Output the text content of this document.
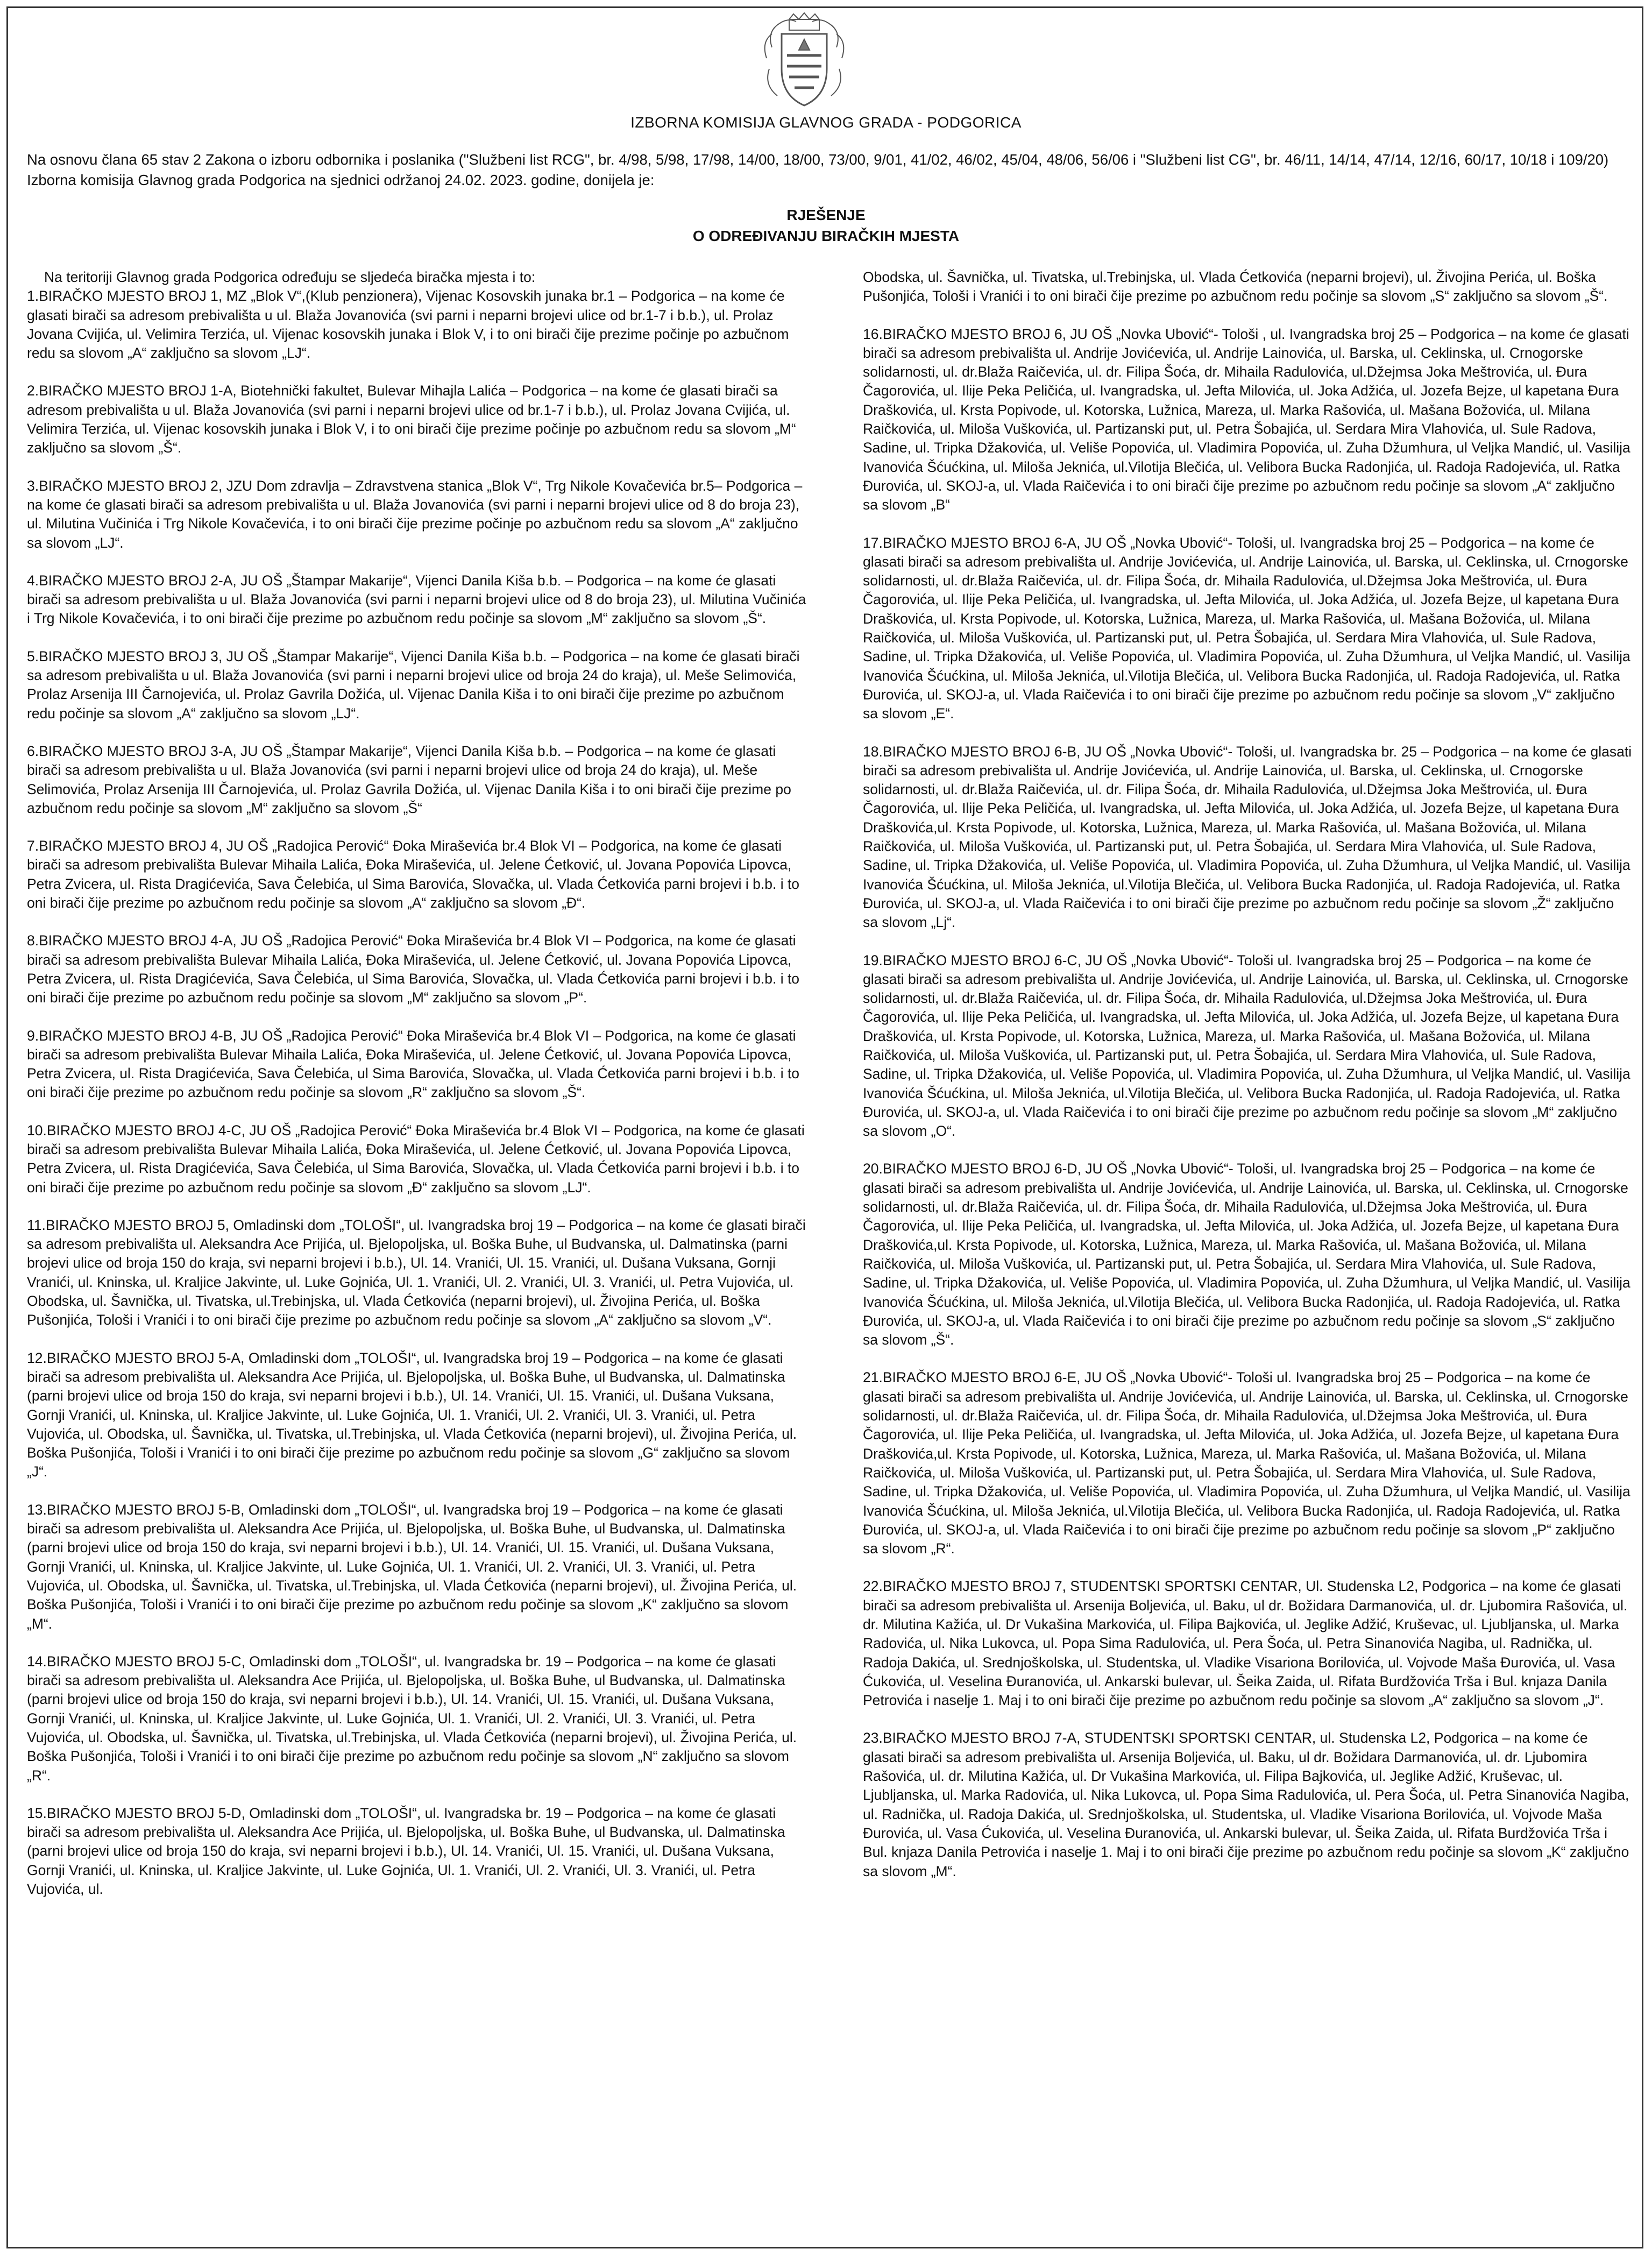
IZBORNA KOMISIJA GLAVNOG GRADA - PODGORICA
Na osnovu člana 65 stav 2 Zakona o izboru odbornika i poslanika ("Službeni list RCG", br. 4/98, 5/98, 17/98, 14/00, 18/00, 73/00, 9/01, 41/02, 46/02, 45/04, 48/06, 56/06 i "Službeni list CG", br. 46/11, 14/14, 47/14, 12/16, 60/17, 10/18 i 109/20) Izborna komisija Glavnog grada Podgorica na sjednici održanoj 24.02. 2023. godine, donijela je:
RJEŠENJE
O ODREĐIVANJU BIRAČKIH MJESTA

Na teritoriji Glavnog grada Podgorica određuju se sljedeća biračka mjesta i to:

1.BIRAČKO MJESTO BROJ 1, MZ „Blok V“,(Klub penzionera), Vijenac Kosovskih junaka br.1 – Podgorica – na kome će glasati birači sa adresom prebivališta u ul. Blaža Jovanovića (svi parni i neparni brojevi ulice od br.1-7 i b.b.), ul. Prolaz Jovana Cvijića, ul. Velimira Terzića, ul. Vijenac kosovskih junaka i Blok V, i to oni birači čije prezime počinje po azbučnom redu sa slovom „A“ zaključno sa slovom „LJ“.

2.BIRAČKO MJESTO BROJ 1-A, Biotehnički fakultet, Bulevar Mihajla Lalića – Podgorica – na kome će glasati birači sa adresom prebivališta u ul. Blaža Jovanovića (svi parni i neparni brojevi ulice od br.1-7 i b.b.), ul. Prolaz Jovana Cvijića, ul. Velimira Terzića, ul. Vijenac kosovskih junaka i Blok V, i to oni birači čije prezime počinje po azbučnom redu sa slovom „M“ zaključno sa slovom „Š“.

3.BIRAČKO MJESTO BROJ 2, JZU Dom zdravlja – Zdravstvena stanica „Blok V“, Trg Nikole Kovačevića br.5– Podgorica – na kome će glasati birači sa adresom prebivališta u ul. Blaža Jovanovića (svi parni i neparni brojevi ulice od 8 do broja 23), ul. Milutina Vučinića i Trg Nikole Kovačevića, i to oni birači čije prezime počinje po azbučnom redu sa slovom „A“ zaključno sa slovom „LJ“.

4.BIRAČKO MJESTO BROJ 2-A, JU OŠ „Štampar Makarije“, Vijenci Danila Kiša b.b. – Podgorica – na kome će glasati birači sa adresom prebivališta u ul. Blaža Jovanovića (svi parni i neparni brojevi ulice od 8 do broja 23), ul. Milutina Vučinića i Trg Nikole Kovačevića, i to oni birači čije prezime po azbučnom redu počinje sa slovom „M“ zaključno sa slovom „Š“.

5.BIRAČKO MJESTO BROJ 3, JU OŠ „Štampar Makarije“, Vijenci Danila Kiša b.b. – Podgorica – na kome će glasati birači sa adresom prebivališta u ul. Blaža Jovanovića (svi parni i neparni brojevi ulice od broja 24 do kraja), ul. Meše Selimovića, Prolaz Arsenija III Čarnojevića, ul. Prolaz Gavrila Dožića, ul. Vijenac Danila Kiša i to oni birači čije prezime po azbučnom redu počinje sa slovom „A“ zaključno sa slovom „LJ“.

6.BIRAČKO MJESTO BROJ 3-A, JU OŠ „Štampar Makarije“, Vijenci Danila Kiša b.b. – Podgorica – na kome će glasati birači sa adresom prebivališta u ul. Blaža Jovanovića (svi parni i neparni brojevi ulice od broja 24 do kraja), ul. Meše Selimovića, Prolaz Arsenija III Čarnojevića, ul. Prolaz Gavrila Dožića, ul. Vijenac Danila Kiša i to oni birači čije prezime po azbučnom redu počinje sa slovom „M“ zaključno sa slovom „Š“

7.BIRAČKO MJESTO BROJ 4, JU OŠ „Radojica Perović“ Đoka Miraševića br.4 Blok VI – Podgorica, na kome će glasati birači sa adresom prebivališta Bulevar Mihaila Lalića, Đoka Miraševića, ul. Jelene Ćetković, ul. Jovana Popovića Lipovca, Petra Zvicera, ul. Rista Dragićevića, Sava Čelebića, ul Sima Barovića, Slovačka, ul. Vlada Ćetkovića parni brojevi i b.b. i to oni birači čije prezime po azbučnom redu počinje sa slovom „A“ zaključno sa slovom „Đ“.

8.BIRAČKO MJESTO BROJ 4-A, JU OŠ „Radojica Perović“ Đoka Miraševića br.4 Blok VI – Podgorica, na kome će glasati birači sa adresom prebivališta Bulevar Mihaila Lalića, Đoka Miraševića, ul. Jelene Ćetković, ul. Jovana Popovića Lipovca, Petra Zvicera, ul. Rista Dragićevića, Sava Čelebića, ul Sima Barovića, Slovačka, ul. Vlada Ćetkovića parni brojevi i b.b. i to oni birači čije prezime po azbučnom redu počinje sa slovom „M“ zaključno sa slovom „P“.

9.BIRAČKO MJESTO BROJ 4-B, JU OŠ „Radojica Perović“ Đoka Miraševića br.4 Blok VI – Podgorica, na kome će glasati birači sa adresom prebivališta Bulevar Mihaila Lalića, Đoka Miraševića, ul. Jelene Ćetković, ul. Jovana Popovića Lipovca, Petra Zvicera, ul. Rista Dragićevića, Sava Čelebića, ul Sima Barovića, Slovačka, ul. Vlada Ćetkovića parni brojevi i b.b. i to oni birači čije prezime po azbučnom redu počinje sa slovom „R“ zaključno sa slovom „Š“.

10.BIRAČKO MJESTO BROJ 4-C, JU OŠ „Radojica Perović“ Đoka Miraševića br.4 Blok VI – Podgorica, na kome će glasati birači sa adresom prebivališta Bulevar Mihaila Lalića, Đoka Miraševića, ul. Jelene Ćetković, ul. Jovana Popovića Lipovca, Petra Zvicera, ul. Rista Dragićevića, Sava Čelebića, ul Sima Barovića, Slovačka, ul. Vlada Ćetkovića parni brojevi i b.b. i to oni birači čije prezime po azbučnom redu počinje sa slovom „Đ“ zaključno sa slovom „LJ“.

11.BIRAČKO MJESTO BROJ 5, Omladinski dom „TOLOŠI“, ul. Ivangradska broj 19 – Podgorica – na kome će glasati birači sa adresom prebivališta ul. Aleksandra Ace Prijića, ul. Bjelopoljska, ul. Boška Buhe, ul Budvanska, ul. Dalmatinska (parni brojevi ulice od broja 150 do kraja, svi neparni brojevi i b.b.), Ul. 14. Vranići, Ul. 15. Vranići, ul. Dušana Vuksana, Gornji Vranići, ul. Kninska, ul. Kraljice Jakvinte, ul. Luke Gojnića, Ul. 1. Vranići, Ul. 2. Vranići, Ul. 3. Vranići, ul. Petra Vujovića, ul. Obodska, ul. Šavnička, ul. Tivatska, ul.Trebinjska, ul. Vlada Ćetkovića (neparni brojevi), ul. Živojina Perića, ul. Boška Pušonjića, Tološi i Vranići i to oni birači čije prezime po azbučnom redu počinje sa slovom „A“ zaključno sa slovom „V“.

12.BIRAČKO MJESTO BROJ 5-A, Omladinski dom „TOLOŠI“, ul. Ivangradska broj 19 – Podgorica – na kome će glasati birači sa adresom prebivališta ul. Aleksandra Ace Prijića, ul. Bjelopoljska, ul. Boška Buhe, ul Budvanska, ul. Dalmatinska (parni brojevi ulice od broja 150 do kraja, svi neparni brojevi i b.b.), Ul. 14. Vranići, Ul. 15. Vranići, ul. Dušana Vuksana, Gornji Vranići, ul. Kninska, ul. Kraljice Jakvinte, ul. Luke Gojnića, Ul. 1. Vranići, Ul. 2. Vranići, Ul. 3. Vranići, ul. Petra Vujovića, ul. Obodska, ul. Šavnička, ul. Tivatska, ul.Trebinjska, ul. Vlada Ćetkovića (neparni brojevi), ul. Živojina Perića, ul. Boška Pušonjića, Tološi i Vranići i to oni birači čije prezime po azbučnom redu počinje sa slovom „G“ zaključno sa slovom „J“.

13.BIRAČKO MJESTO BROJ 5-B, Omladinski dom „TOLOŠI“, ul. Ivangradska broj 19 – Podgorica – na kome će glasati birači sa adresom prebivališta ul. Aleksandra Ace Prijića, ul. Bjelopoljska, ul. Boška Buhe, ul Budvanska, ul. Dalmatinska (parni brojevi ulice od broja 150 do kraja, svi neparni brojevi i b.b.), Ul. 14. Vranići, Ul. 15. Vranići, ul. Dušana Vuksana, Gornji Vranići, ul. Kninska, ul. Kraljice Jakvinte, ul. Luke Gojnića, Ul. 1. Vranići, Ul. 2. Vranići, Ul. 3. Vranići, ul. Petra Vujovića, ul. Obodska, ul. Šavnička, ul. Tivatska, ul.Trebinjska, ul. Vlada Ćetkovića (neparni brojevi), ul. Živojina Perića, ul. Boška Pušonjića, Tološi i Vranići i to oni birači čije prezime po azbučnom redu počinje sa slovom „K“ zaključno sa slovom „M“.

14.BIRAČKO MJESTO BROJ 5-C, Omladinski dom „TOLOŠI“, ul. Ivangradska br. 19 – Podgorica – na kome će glasati birači sa adresom prebivališta ul. Aleksandra Ace Prijića, ul. Bjelopoljska, ul. Boška Buhe, ul Budvanska, ul. Dalmatinska (parni brojevi ulice od broja 150 do kraja, svi neparni brojevi i b.b.), Ul. 14. Vranići, Ul. 15. Vranići, ul. Dušana Vuksana, Gornji Vranići, ul. Kninska, ul. Kraljice Jakvinte, ul. Luke Gojnića, Ul. 1. Vranići, Ul. 2. Vranići, Ul. 3. Vranići, ul. Petra Vujovića, ul. Obodska, ul. Šavnička, ul. Tivatska, ul.Trebinjska, ul. Vlada Ćetkovića (neparni brojevi), ul. Živojina Perića, ul. Boška Pušonjića, Tološi i Vranići i to oni birači čije prezime po azbučnom redu počinje sa slovom „N“ zaključno sa slovom „R“.

15.BIRAČKO MJESTO BROJ 5-D, Omladinski dom „TOLOŠI“, ul. Ivangradska br. 19 – Podgorica – na kome će glasati birači sa adresom prebivališta ul. Aleksandra Ace Prijića, ul. Bjelopoljska, ul. Boška Buhe, ul Budvanska, ul. Dalmatinska (parni brojevi ulice od broja 150 do kraja, svi neparni brojevi i b.b.), Ul. 14. Vranići, Ul. 15. Vranići, ul. Dušana Vuksana, Gornji Vranići, ul. Kninska, ul. Kraljice Jakvinte, ul. Luke Gojnića, Ul. 1. Vranići, Ul. 2. Vranići, Ul. 3. Vranići, ul. Petra Vujovića, ul.

Obodska, ul. Šavnička, ul. Tivatska, ul.Trebinjska, ul. Vlada Ćetkovića (neparni brojevi), ul. Živojina Perića, ul. Boška Pušonjića, Tološi i Vranići i to oni birači čije prezime po azbučnom redu počinje sa slovom „S“ zaključno sa slovom „Š“.

16.BIRAČKO MJESTO BROJ 6, JU OŠ „Novka Ubović“- Tološi , ul. Ivangradska broj 25 – Podgorica – na kome će glasati birači sa adresom prebivališta ul. Andrije Jovićevića, ul. Andrije Lainovića, ul. Barska, ul. Ceklinska, ul. Crnogorske solidarnosti, ul. dr.Blaža Raičevića, ul. dr. Filipa Šoća, dr. Mihaila Radulovića, ul.Džejmsa Joka Meštrovića, ul. Đura Čagorovića, ul. Ilije Peka Peličića, ul. Ivangradska, ul. Jefta Milovića, ul. Joka Adžića, ul. Jozefa Bejze, ul kapetana Đura Draškovića, ul. Krsta Popivode, ul. Kotorska, Lužnica, Mareza, ul. Marka Rašovića, ul. Mašana Božovića, ul. Milana Raičkovića, ul. Miloša Vuškovića, ul. Partizanski put, ul. Petra Šobajića, ul. Serdara Mira Vlahovića, ul. Sule Radova, Sadine, ul. Tripka Džakovića, ul. Veliše Popovića, ul. Vladimira Popovića, ul. Zuha Džumhura, ul Veljka Mandić, ul. Vasilija Ivanovića Šćućkina, ul. Miloša Jeknića, ul.Vilotija Blečića, ul. Velibora Bucka Radonjića, ul. Radoja Radojevića, ul. Ratka Đurovića, ul. SKOJ-a, ul. Vlada Raičevića i to oni birači čije prezime po azbučnom redu počinje sa slovom „A“ zaključno sa slovom „B“

17.BIRAČKO MJESTO BROJ 6-A, JU OŠ „Novka Ubović“- Tološi, ul. Ivangradska broj 25 – Podgorica – na kome će glasati birači sa adresom prebivališta ul. Andrije Jovićevića, ul. Andrije Lainovića, ul. Barska, ul. Ceklinska, ul. Crnogorske solidarnosti, ul. dr.Blaža Raičevića, ul. dr. Filipa Šoća, dr. Mihaila Radulovića, ul.Džejmsa Joka Meštrovića, ul. Đura Čagorovića, ul. Ilije Peka Peličića, ul. Ivangradska, ul. Jefta Milovića, ul. Joka Adžića, ul. Jozefa Bejze, ul kapetana Đura Draškovića, ul. Krsta Popivode, ul. Kotorska, Lužnica, Mareza, ul. Marka Rašovića, ul. Mašana Božovića, ul. Milana Raičkovića, ul. Miloša Vuškovića, ul. Partizanski put, ul. Petra Šobajića, ul. Serdara Mira Vlahovića, ul. Sule Radova, Sadine, ul. Tripka Džakovića, ul. Veliše Popovića, ul. Vladimira Popovića, ul. Zuha Džumhura, ul Veljka Mandić, ul. Vasilija Ivanovića Šćućkina, ul. Miloša Jeknića, ul.Vilotija Blečića, ul. Velibora Bucka Radonjića, ul. Radoja Radojevića, ul. Ratka Đurovića, ul. SKOJ-a, ul. Vlada Raičevića i to oni birači čije prezime po azbučnom redu počinje sa slovom „V“ zaključno sa slovom „E“.

18.BIRAČKO MJESTO BROJ 6-B, JU OŠ „Novka Ubović“- Tološi, ul. Ivangradska br. 25 – Podgorica – na kome će glasati birači sa adresom prebivališta ul. Andrije Jovićevića, ul. Andrije Lainovića, ul. Barska, ul. Ceklinska, ul. Crnogorske solidarnosti, ul. dr.Blaža Raičevića, ul. dr. Filipa Šoća, dr. Mihaila Radulovića, ul.Džejmsa Joka Meštrovića, ul. Đura Čagorovića, ul. Ilije Peka Peličića, ul. Ivangradska, ul. Jefta Milovića, ul. Joka Adžića, ul. Jozefa Bejze, ul kapetana Đura Draškovića,ul. Krsta Popivode, ul. Kotorska, Lužnica, Mareza, ul. Marka Rašovića, ul. Mašana Božovića, ul. Milana Raičkovića, ul. Miloša Vuškovića, ul. Partizanski put, ul. Petra Šobajića, ul. Serdara Mira Vlahovića, ul. Sule Radova, Sadine, ul. Tripka Džakovića, ul. Veliše Popovića, ul. Vladimira Popovića, ul. Zuha Džumhura, ul Veljka Mandić, ul. Vasilija Ivanovića Šćućkina, ul. Miloša Jeknića, ul.Vilotija Blečića, ul. Velibora Bucka Radonjića, ul. Radoja Radojevića, ul. Ratka Đurovića, ul. SKOJ-a, ul. Vlada Raičevića i to oni birači čije prezime po azbučnom redu počinje sa slovom „Ž“ zaključno sa slovom „Lj“.

19.BIRAČKO MJESTO BROJ 6-C, JU OŠ „Novka Ubović“- Tološi ul. Ivangradska broj 25 – Podgorica – na kome će glasati birači sa adresom prebivališta ul. Andrije Jovićevića, ul. Andrije Lainovića, ul. Barska, ul. Ceklinska, ul. Crnogorske solidarnosti, ul. dr.Blaža Raičevića, ul. dr. Filipa Šoća, dr. Mihaila Radulovića, ul.Džejmsa Joka Meštrovića, ul. Đura Čagorovića, ul. Ilije Peka Peličića, ul. Ivangradska, ul. Jefta Milovića, ul. Joka Adžića, ul. Jozefa Bejze, ul kapetana Đura Draškovića, ul. Krsta Popivode, ul. Kotorska, Lužnica, Mareza, ul. Marka Rašovića, ul. Mašana Božovića, ul. Milana Raičkovića, ul. Miloša Vuškovića, ul. Partizanski put, ul. Petra Šobajića, ul. Serdara Mira Vlahovića, ul. Sule Radova, Sadine, ul. Tripka Džakovića, ul. Veliše Popovića, ul. Vladimira Popovića, ul. Zuha Džumhura, ul Veljka Mandić, ul. Vasilija Ivanovića Šćućkina, ul. Miloša Jeknića, ul.Vilotija Blečića, ul. Velibora Bucka Radonjića, ul. Radoja Radojevića, ul. Ratka Đurovića, ul. SKOJ-a, ul. Vlada Raičevića i to oni birači čije prezime po azbučnom redu počinje sa slovom „M“ zaključno sa slovom „O“.

20.BIRAČKO MJESTO BROJ 6-D, JU OŠ „Novka Ubović“- Tološi, ul. Ivangradska broj 25 – Podgorica – na kome će glasati birači sa adresom prebivališta ul. Andrije Jovićevića, ul. Andrije Lainovića, ul. Barska, ul. Ceklinska, ul. Crnogorske solidarnosti, ul. dr.Blaža Raičevića, ul. dr. Filipa Šoća, dr. Mihaila Radulovića, ul.Džejmsa Joka Meštrovića, ul. Đura Čagorovića, ul. Ilije Peka Peličića, ul. Ivangradska, ul. Jefta Milovića, ul. Joka Adžića, ul. Jozefa Bejze, ul kapetana Đura Draškovića,ul. Krsta Popivode, ul. Kotorska, Lužnica, Mareza, ul. Marka Rašovića, ul. Mašana Božovića, ul. Milana Raičkovića, ul. Miloša Vuškovića, ul. Partizanski put, ul. Petra Šobajića, ul. Serdara Mira Vlahovića, ul. Sule Radova, Sadine, ul. Tripka Džakovića, ul. Veliše Popovića, ul. Vladimira Popovića, ul. Zuha Džumhura, ul Veljka Mandić, ul. Vasilija Ivanovića Šćućkina, ul. Miloša Jeknića, ul.Vilotija Blečića, ul. Velibora Bucka Radonjića, ul. Radoja Radojevića, ul. Ratka Đurovića, ul. SKOJ-a, ul. Vlada Raičevića i to oni birači čije prezime po azbučnom redu počinje sa slovom „S“ zaključno sa slovom „Š“.

21.BIRAČKO MJESTO BROJ 6-E, JU OŠ „Novka Ubović“- Tološi ul. Ivangradska broj 25 – Podgorica – na kome će glasati birači sa adresom prebivališta ul. Andrije Jovićevića, ul. Andrije Lainovića, ul. Barska, ul. Ceklinska, ul. Crnogorske solidarnosti, ul. dr.Blaža Raičevića, ul. dr. Filipa Šoća, dr. Mihaila Radulovića, ul.Džejmsa Joka Meštrovića, ul. Đura Čagorovića, ul. Ilije Peka Peličića, ul. Ivangradska, ul. Jefta Milovića, ul. Joka Adžića, ul. Jozefa Bejze, ul kapetana Đura Draškovića,ul. Krsta Popivode, ul. Kotorska, Lužnica, Mareza, ul. Marka Rašovića, ul. Mašana Božovića, ul. Milana Raičkovića, ul. Miloša Vuškovića, ul. Partizanski put, ul. Petra Šobajića, ul. Serdara Mira Vlahovića, ul. Sule Radova, Sadine, ul. Tripka Džakovića, ul. Veliše Popovića, ul. Vladimira Popovića, ul. Zuha Džumhura, ul Veljka Mandić, ul. Vasilija Ivanovića Šćućkina, ul. Miloša Jeknića, ul.Vilotija Blečića, ul. Velibora Bucka Radonjića, ul. Radoja Radojevića, ul. Ratka Đurovića, ul. SKOJ-a, ul. Vlada Raičevića i to oni birači čije prezime po azbučnom redu počinje sa slovom „P“ zaključno sa slovom „R“.

22.BIRAČKO MJESTO BROJ 7, STUDENTSKI SPORTSKI CENTAR, Ul. Studenska L2, Podgorica – na kome će glasati birači sa adresom prebivališta ul. Arsenija Boljevića, ul. Baku, ul dr. Božidara Darmanovića, ul. dr. Ljubomira Rašovića, ul. dr. Milutina Kažića, ul. Dr Vukašina Markovića, ul. Filipa Bajkovića, ul. Jeglike Adžić, Kruševac, ul. Ljubljanska, ul. Marka Radovića, ul. Nika Lukovca, ul. Popa Sima Radulovića, ul. Pera Šoća, ul. Petra Sinanovića Nagiba, ul. Radnička, ul. Radoja Dakića, ul. Srednjoškolska, ul. Studentska, ul. Vladike Visariona Borilovića, ul. Vojvode Maša Đurovića, ul. Vasa Ćukovića, ul. Veselina Đuranovića, ul. Ankarski bulevar, ul. Šeika Zaida, ul. Rifata Burdžovića Trša i Bul. knjaza Danila Petrovića i naselje 1. Maj i to oni birači čije prezime po azbučnom redu počinje sa slovom „A“ zaključno sa slovom „J“.

23.BIRAČKO MJESTO BROJ 7-A, STUDENTSKI SPORTSKI CENTAR, ul. Studenska L2, Podgorica – na kome će glasati birači sa adresom prebivališta ul. Arsenija Boljevića, ul. Baku, ul dr. Božidara Darmanovića, ul. dr. Ljubomira Rašovića, ul. dr. Milutina Kažića, ul. Dr Vukašina Markovića, ul. Filipa Bajkovića, ul. Jeglike Adžić, Kruševac, ul. Ljubljanska, ul. Marka Radovića, ul. Nika Lukovca, ul. Popa Sima Radulovića, ul. Pera Šoća, ul. Petra Sinanovića Nagiba, ul. Radnička, ul. Radoja Dakića, ul. Srednjoškolska, ul. Studentska, ul. Vladike Visariona Borilovića, ul. Vojvode Maša Đurovića, ul. Vasa Ćukovića, ul. Veselina Đuranovića, ul. Ankarski bulevar, ul. Šeika Zaida, ul. Rifata Burdžovića Trša i Bul. knjaza Danila Petrovića i naselje 1. Maj i to oni birači čije prezime po azbučnom redu počinje sa slovom „K“ zaključno sa slovom „M“.
